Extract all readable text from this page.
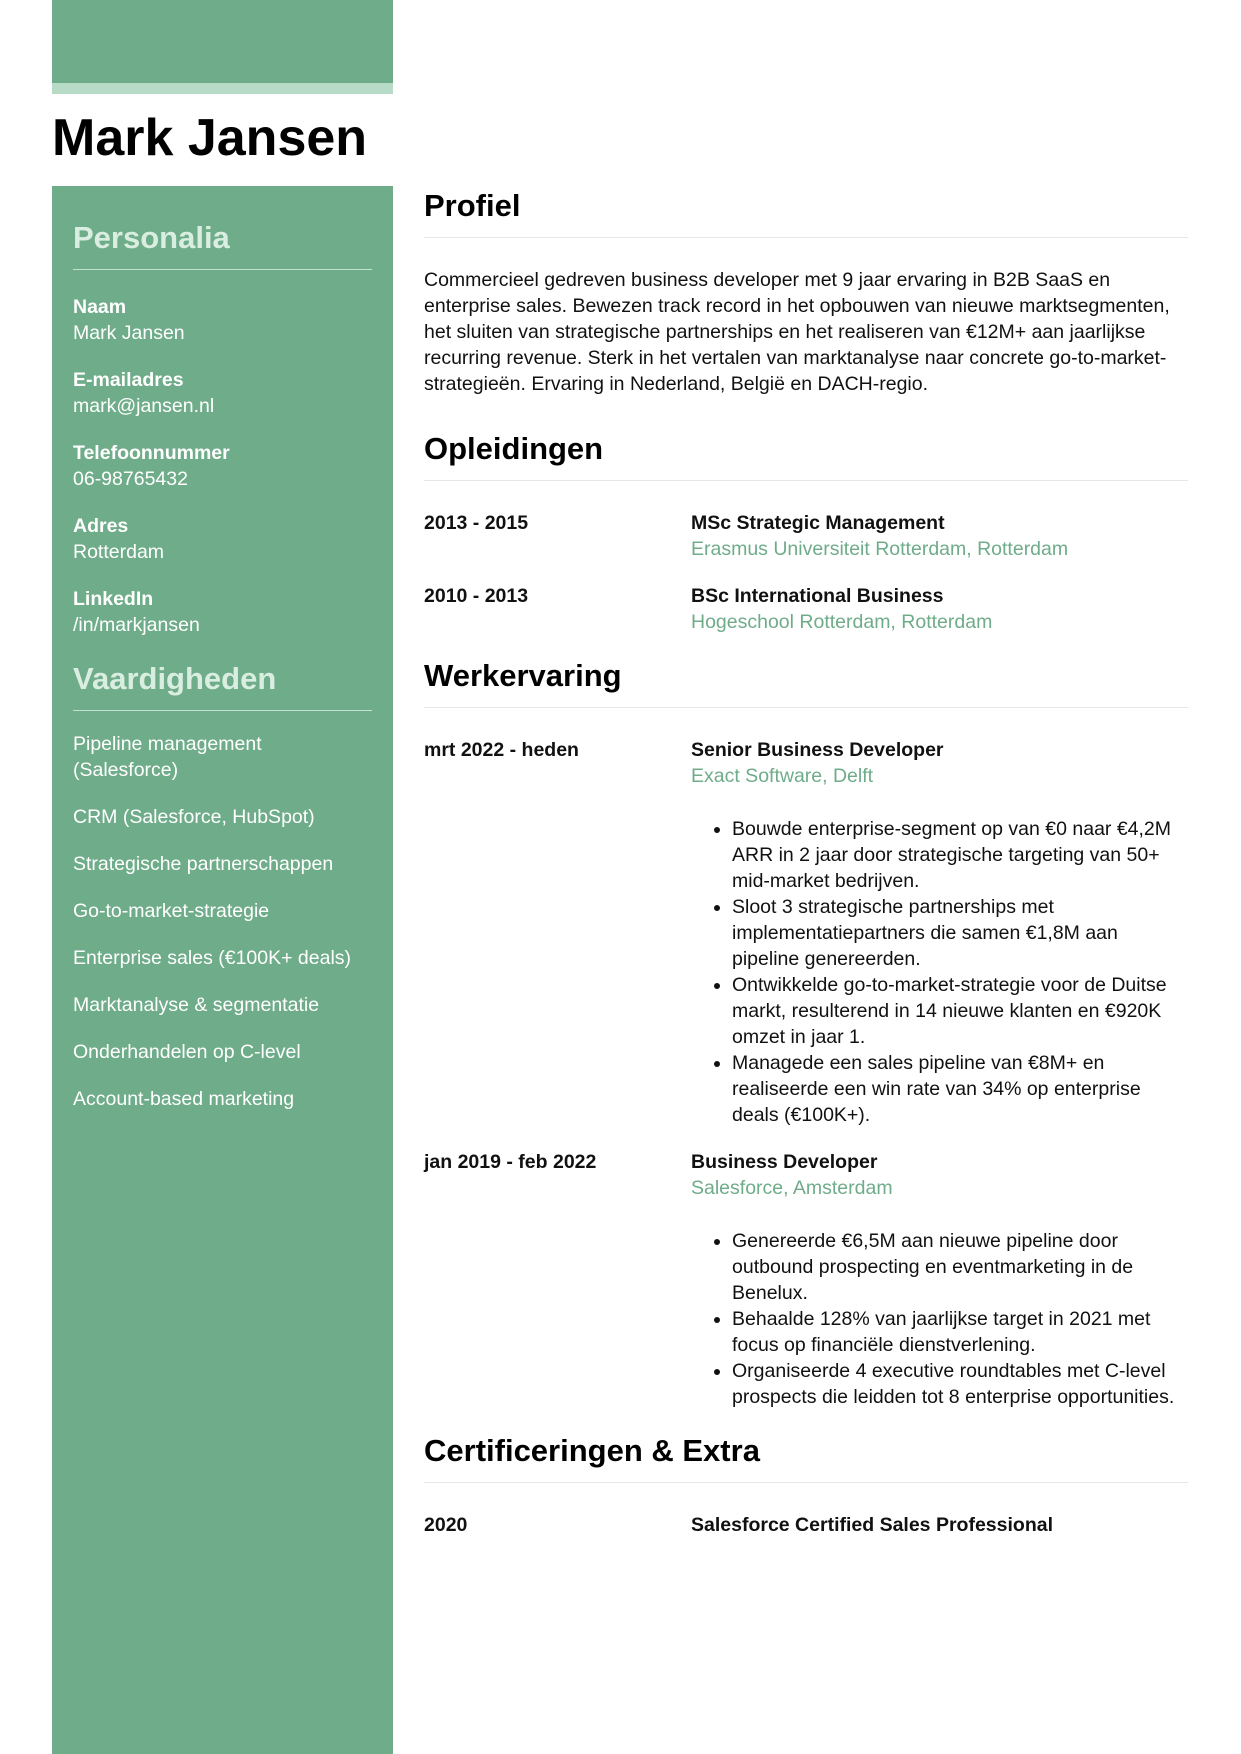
Mark Jansen
Personalia
Naam
Mark Jansen
E-mailadres
mark@jansen.nl
Telefoonnummer
06-98765432
Adres
Rotterdam
LinkedIn
/in/markjansen
Vaardigheden
Pipeline management (Salesforce)
CRM (Salesforce, HubSpot)
Strategische partnerschappen
Go-to-market-strategie
Enterprise sales (€100K+ deals)
Marktanalyse & segmentatie
Onderhandelen op C-level
Account-based marketing
Profiel

Commercieel gedreven business developer met 9 jaar ervaring in B2B SaaS en enterprise sales. Bewezen track record in het opbouwen van nieuwe marktsegmenten, het sluiten van strategische partnerships en het realiseren van €12M+ aan jaarlijkse recurring revenue. Sterk in het vertalen van marktanalyse naar concrete go-to-market-strategieën. Ervaring in Nederland, België en DACH-regio.

Opleidingen
2013 - 2015	MSc Strategic Management
Erasmus Universiteit Rotterdam, Rotterdam
2010 - 2013	BSc International Business
Hogeschool Rotterdam, Rotterdam
Werkervaring
mrt 2022 - heden	Senior Business Developer
Exact Software, Delft
• Bouwde enterprise-segment op van €0 naar €4,2M ARR in 2 jaar door strategische targeting van 50+ mid-market bedrijven.
• Sloot 3 strategische partnerships met implementatiepartners die samen €1,8M aan pipeline genereerden.
• Ontwikkelde go-to-market-strategie voor de Duitse markt, resulterend in 14 nieuwe klanten en €920K omzet in jaar 1.
• Managede een sales pipeline van €8M+ en realiseerde een win rate van 34% op enterprise deals (€100K+).
jan 2019 - feb 2022	Business Developer
Salesforce, Amsterdam
• Genereerde €6,5M aan nieuwe pipeline door outbound prospecting en eventmarketing in de Benelux.
• Behaalde 128% van jaarlijkse target in 2021 met focus op financiële dienstverlening.
• Organiseerde 4 executive roundtables met C-level prospects die leidden tot 8 enterprise opportunities.
Certificeringen & Extra
2020	Salesforce Certified Sales Professional
